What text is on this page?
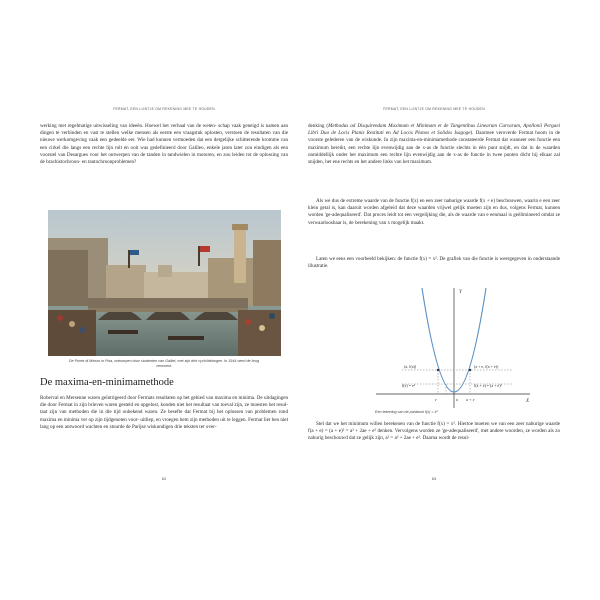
FERMAT, EEN LIJNTJE OM REKENING MEE TE HOUDEN

werking met regelmatige uitwisseling van ideeën. Hoewel het verhaal van de weten- schap vaak geneigd is namen aan dingen te verbinden en vast te stellen welke mensen als eerste een vraagstuk oplosten, verstoen de resultaten van die nieuwe werkomgeving vaak een gedeelde eer. Wie had kunnen vermoeden dat een dergelijke schitterende kromme van een cirkel die langs een rechte lijn rolt en ooit was gedefinieerd door Galileo, enkele jaren later zou eindigen als een voorstel van Desargues voor het ontwerpen van de tanden in tandwielen in motoren, en zou leiden tot de oplossing van de brachistochroon- en tautochroonproblemen?

De Ponte di Mezzo in Pisa, ontworpen door studenten van Galilei, met zijn drie cycloïdebogen. In 1944 werd de brug verwoest.
De maxima-en-minimamethode

Roberval en Mersenne waren geïntrigeerd door Fermats resultaten op het gebied van maxima en minima. De uitdagingen die door Fermat in zijn brieven waren gesteld en opgelost, konden niet het resultaat van toeval zijn, ze moesten het resul- taat zijn van methoden die in die tijd onbekend waren. Ze besefte dat Fermat bij het oplossen van problemen rond maxima en minima ver op zijn tijdgenoten voor- uitliep, en vroegen hem zijn methoden uit te leggen. Fermat liet hen niet lang op een antwoord wachten en stuurde de Parijse wiskundigen drie teksten ter over-

62
FERMAT, EEN LIJNTJE OM REKENING MEE TE HOUDEN

denking (Methodus ad Disquirendam Maximam et Minimam et de Tangentibus Linearum Curvarum, Apollonii Pergaei Libri Duo de Locis Planis Restituti en Ad Locos Planos et Solidos Isagoge). Daarmee veroverde Fermat hoom in de voorste gelederen van de wiskunde. In zijn maxima-en-minimamethode constateerde Fermat dat wanneer een functie een maximum bereikt, een rechte lijn evenwijdig aan de x-as de functie slechts in één punt snijdt, en dat in de waarden onmiddellijk onder het maximum een rechte lijn evenwijdig aan de x-as de functie in twee punten dicht bij elkaar zal snijden, het ene rechts en het andere links van het maximum.

Als we dus de extreme waarde van de functie f(x) en een zeer naburige waarde f(x + e) beschouwen, waarin e een zeer klein getal is, kan daaruit worden afgeleid dat deze waarden vrijwel gelijk moeten zijn en dus, volgens Fermat, kunnen worden 'ge-adequaliseerd'. Dat proces leidt tot een vergelijking die, als de waarde van e eenmaal is geëlimineerd omdat ze verwaarloosbaar is, de berekening van x mogelijk maakt.

Laten we eens een voorbeeld bekijken: de functie f(x) = x². De grafiek van die functie is weergegeven in onderstaande illustratie.

Y
X
(a, f(a))	(a + e, f(a + e))
f(e) = e²	f(a + e) = (a + e)²
e	a a + e
Een tekening van de parabool f(x) = x²

Stel dat we het minimum willen berekenen van de functie f(x) = x². Hiertoe moeten we van een zeer naburige waarde f(a + e) = (a + e)² = a² + 2ae + e² denken. Vervolgens worden ze 'ge-adequaliseerd', met andere woorden, ze worden als zo naburig beschouwd dat ze gelijk zijn, a² = a² + 2ae + e². Daarna wordt de resul-

63
